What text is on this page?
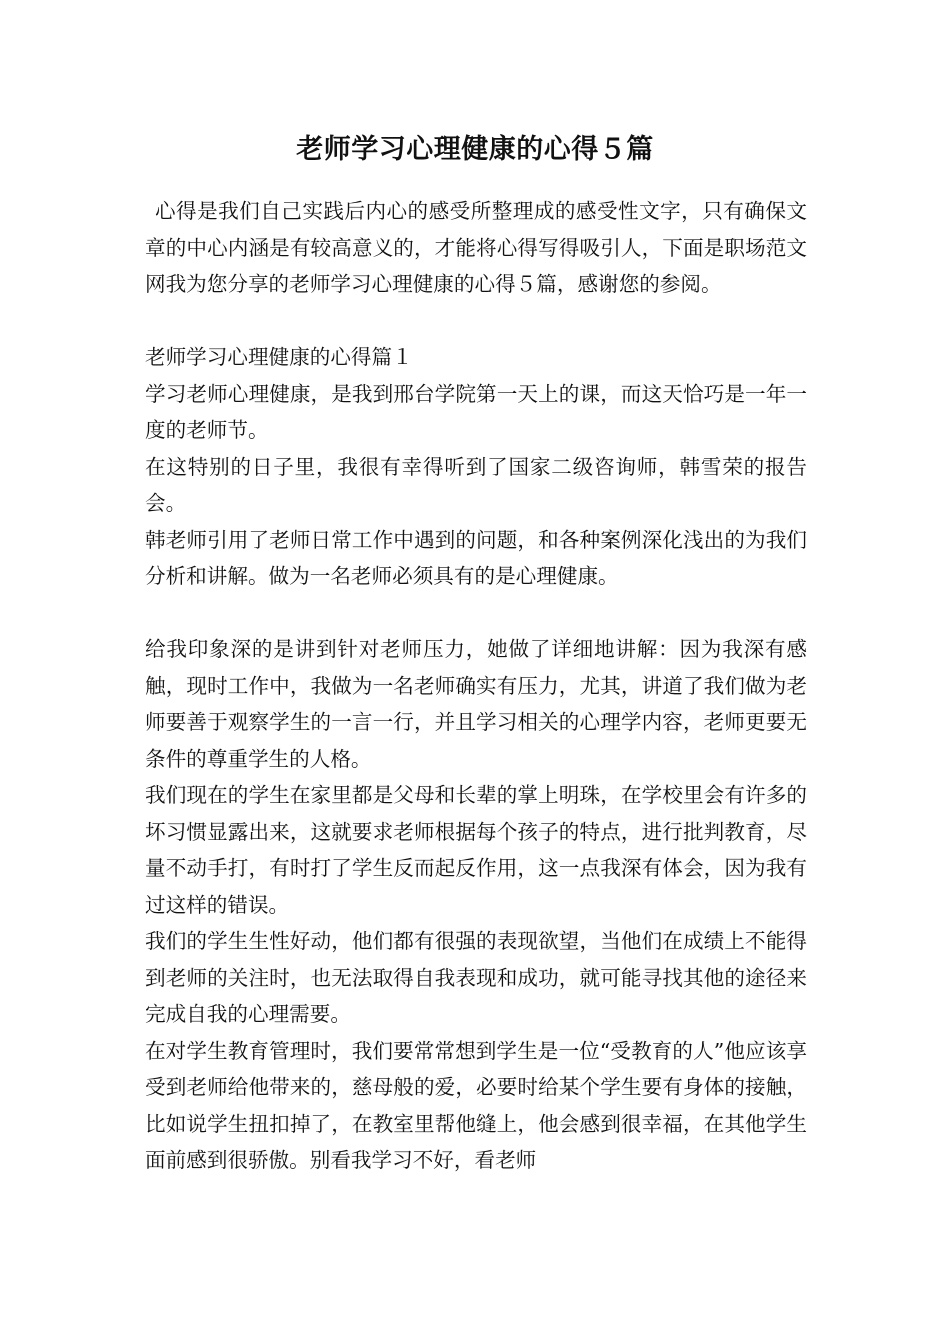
老师学习心理健康的心得５篇

心得是我们自己实践后内心的感受所整理成的感受性文字，只有确保文章的中心内涵是有较高意义的，才能将心得写得吸引人，下面是职场范文网我为您分享的老师学习心理健康的心得５篇，感谢您的参阅。

老师学习心理健康的心得篇１

学习老师心理健康，是我到邢台学院第一天上的课，而这天恰巧是一年一度的老师节。

在这特别的日子里，我很有幸得听到了国家二级咨询师，韩雪荣的报告会。

韩老师引用了老师日常工作中遇到的问题，和各种案例深化浅出的为我们分析和讲解。做为一名老师必须具有的是心理健康。

给我印象深的是讲到针对老师压力，她做了详细地讲解：因为我深有感触，现时工作中，我做为一名老师确实有压力，尤其，讲道了我们做为老师要善于观察学生的一言一行，并且学习相关的心理学内容，老师更要无条件的尊重学生的人格。

我们现在的学生在家里都是父母和长辈的掌上明珠，在学校里会有许多的坏习惯显露出来，这就要求老师根据每个孩子的特点，进行批判教育，尽量不动手打，有时打了学生反而起反作用，这一点我深有体会，因为我有过这样的错误。

我们的学生生性好动，他们都有很强的表现欲望，当他们在成绩上不能得到老师的关注时，也无法取得自我表现和成功，就可能寻找其他的途径来完成自我的心理需要。

在对学生教育管理时，我们要常常想到学生是一位“受教育的人”他应该享受到老师给他带来的，慈母般的爱，必要时给某个学生要有身体的接触，比如说学生扭扣掉了，在教室里帮他缝上，他会感到很幸福，在其他学生面前感到很骄傲。别看我学习不好，看老师
